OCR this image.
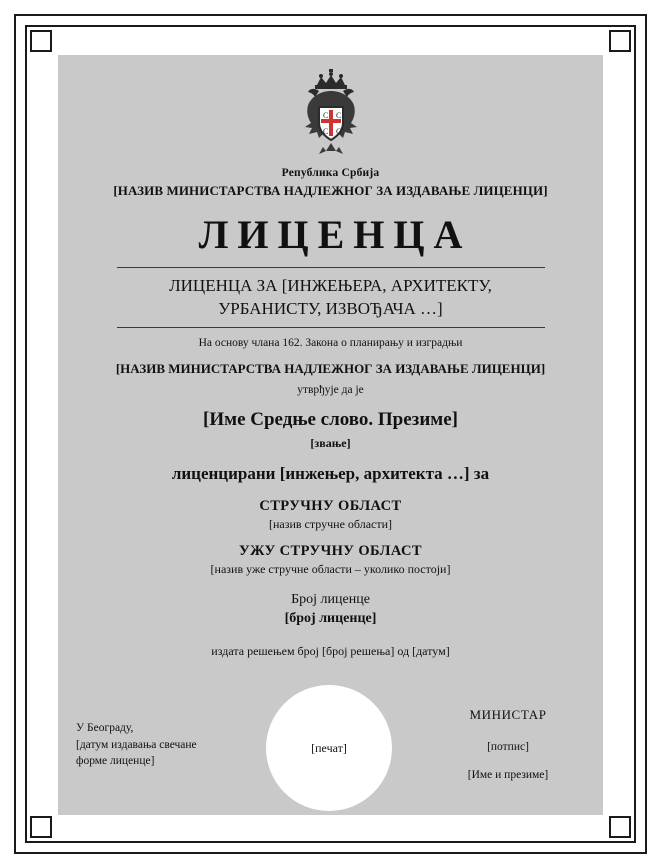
C C
C C
Република Србија
[НАЗИВ МИНИСТАРСТВА НАДЛЕЖНОГ ЗА ИЗДАВАЊЕ ЛИЦЕНЦИ]
ЛИЦЕНЦА
ЛИЦЕНЦА ЗА [ИНЖЕЊЕРА, АРХИТЕКТУ,
УРБАНИСТУ, ИЗВОЂАЧА …]
На основу члана 162. Закона о планирању и изградњи
[НАЗИВ МИНИСТАРСТВА НАДЛЕЖНОГ ЗА ИЗДАВАЊЕ ЛИЦЕНЦИ]
утврђује да је
[Име Средње слово. Презиме]
[звање]
лиценцирани [инжењер, архитекта …] за
СТРУЧНУ ОБЛАСТ
[назив стручне области]
УЖУ СТРУЧНУ ОБЛАСТ
[назив уже стручне области – уколико постоји]
Број лиценце
[број лиценце]
издата решењем број [број решења] од [датум]
[печат]
У Београду,
[датум издавања свечане
форме лиценце]
МИНИСТАР
[потпис]
[Име и презиме]
